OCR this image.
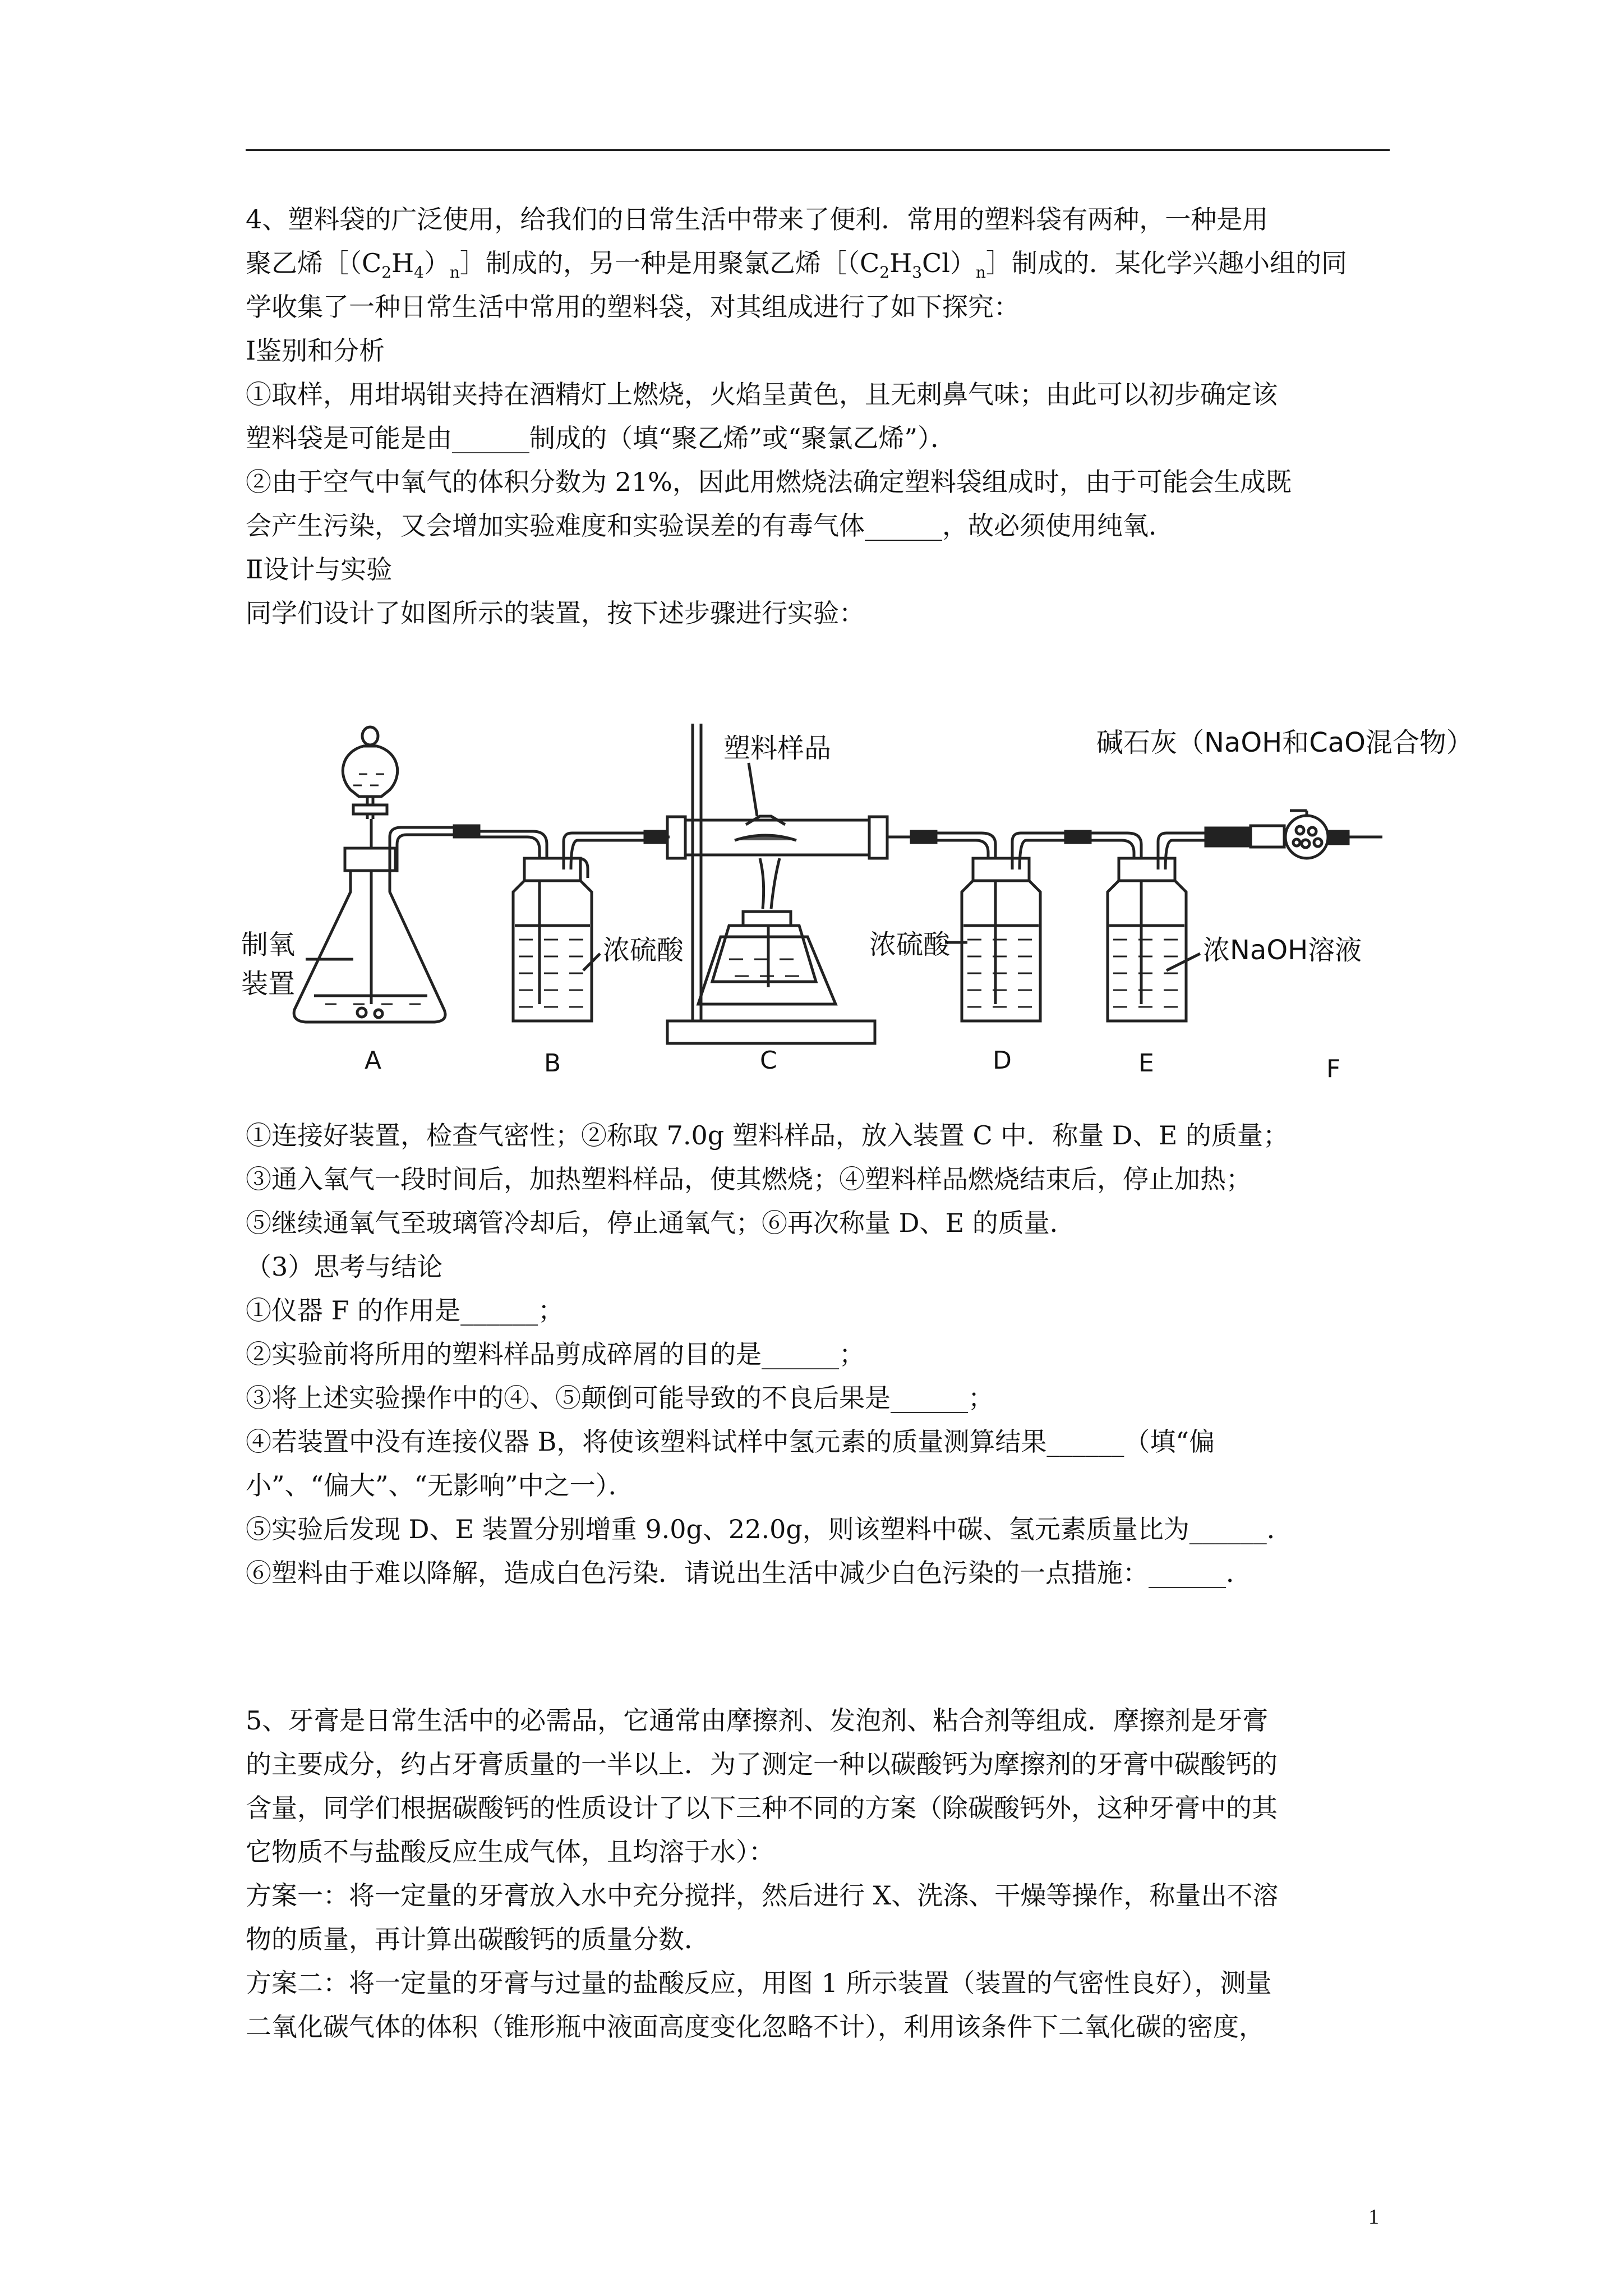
4、塑料袋的广泛使用，给我们的日常生活中带来了便利．常用的塑料袋有两种，一种是用
聚乙烯$[(C_2H_4)_n]$制成的，另一种是用聚氯乙烯$[(C_2H_3Cl)_n]$制成的．某化学兴趣小组的同
学收集了一种日常生活中常用的塑料袋，对其组成进行了如下探究：
Ⅰ鉴别和分析
①取样，用坩埚钳夹持在酒精灯上燃烧，火焰呈黄色，且无刺鼻气味；由此可以初步确定该
塑料袋是可能是由______制成的（填“聚乙烯”或“聚氯乙烯”）．
②由于空气中氧气的体积分数为 21%，因此用燃烧法确定塑料袋组成时，由于可能会生成既
会产生污染，又会增加实验难度和实验误差的有毒气体______，故必须使用纯氧．
Ⅱ设计与实验
同学们设计了如图所示的装置，按下述步骤进行实验：
制氧
装置
浓硫酸
塑料样品
浓硫酸	浓NaOH溶液
碱石灰（NaOH和CaO混合物）
A	B	C	D	E	F
①连接好装置，检查气密性；②称取 7.0g 塑料样品，放入装置 C 中．称量 D、E 的质量；
③通入氧气一段时间后，加热塑料样品，使其燃烧；④塑料样品燃烧结束后，停止加热；
⑤继续通氧气至玻璃管冷却后，停止通氧气；⑥再次称量 D、E 的质量．
（3）思考与结论
①仪器 F 的作用是______；
②实验前将所用的塑料样品剪成碎屑的目的是______；
③将上述实验操作中的④、⑤颠倒可能导致的不良后果是______；
④若装置中没有连接仪器 B，将使该塑料试样中氢元素的质量测算结果______（填“偏
小”、“偏大”、“无影响”中之一）．
⑤实验后发现 D、E 装置分别增重 9.0g、22.0g，则该塑料中碳、氢元素质量比为______．
⑥塑料由于难以降解，造成白色污染．请说出生活中减少白色污染的一点措施：______．
5、牙膏是日常生活中的必需品，它通常由摩擦剂、发泡剂、粘合剂等组成．摩擦剂是牙膏
的主要成分，约占牙膏质量的一半以上．为了测定一种以碳酸钙为摩擦剂的牙膏中碳酸钙的
含量，同学们根据碳酸钙的性质设计了以下三种不同的方案（除碳酸钙外，这种牙膏中的其
它物质不与盐酸反应生成气体，且均溶于水）：
方案一：将一定量的牙膏放入水中充分搅拌，然后进行 X、洗涤、干燥等操作，称量出不溶
物的质量，再计算出碳酸钙的质量分数．
方案二：将一定量的牙膏与过量的盐酸反应，用图 1 所示装置（装置的气密性良好），测量
二氧化碳气体的体积（锥形瓶中液面高度变化忽略不计），利用该条件下二氧化碳的密度，
1
